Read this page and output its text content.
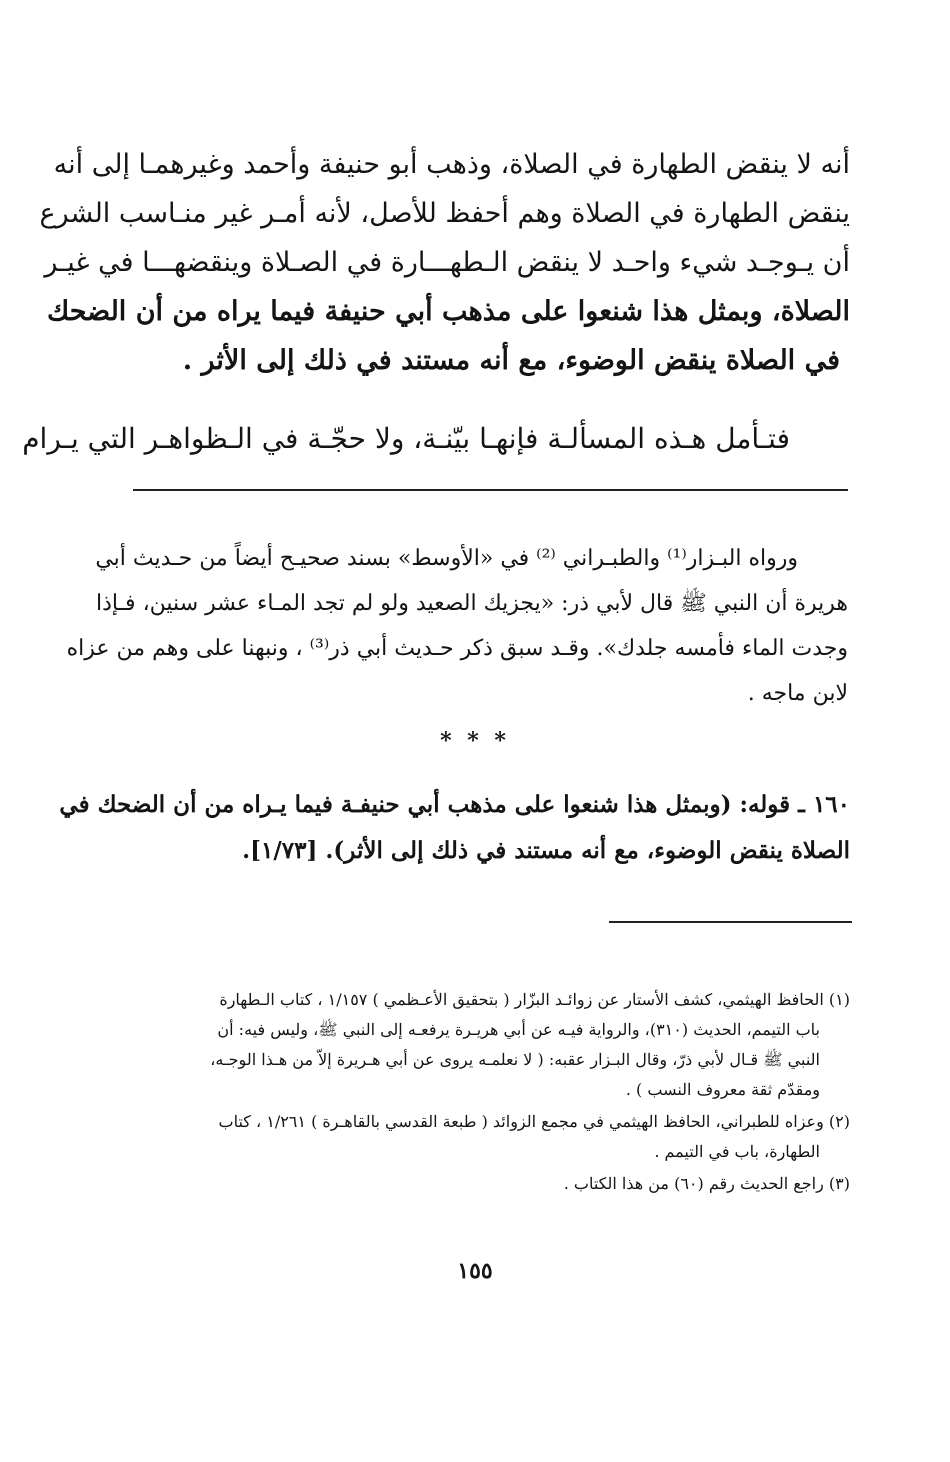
أنه لا ينقض الطهارة في الصلاة، وذهب أبو حنيفة وأحمد وغيرهمـا إلى أنه
ينقض الطهارة في الصلاة وهم أحفظ للأصل، لأنه أمـر غير منـاسب الشرع
أن يـوجـد شيء واحـد لا ينقض الـطهـــارة في الصـلاة وينقضهـــا في غيـر
الصلاة، وبمثل هذا شنعوا على مذهب أبي حنيفة فيما يراه من أن الضحك
في الصلاة ينقض الوضوء، مع أنه مستند في ذلك إلى الأثر .
فتـأمل هـذه المسألـة فإنهـا بيّنـة، ولا حجّـة في الـظواهـر التي يـرام
ورواه البـزار⁽¹⁾ والطبـراني ⁽²⁾ في «الأوسط» بسند صحيـح أيضاً من حـديث أبي
هريرة أن النبي ﷺ قال لأبي ذر: «يجزيك الصعيد ولو لم تجد المـاء عشر سنين، فـإذا
وجدت الماء فأمسه جلدك». وقـد سبق ذكر حـديث أبي ذر⁽³⁾ ، ونبهنا على وهم من عزاه
لابن ماجه .
* * *
١٦٠ ـ قوله: (وبمثل هذا شنعوا على مذهب أبي حنيفـة فيما يـراه من أن الضحك في
الصلاة ينقض الوضوء، مع أنه مستند في ذلك إلى الأثر). [١/٧٣].
(١) الحافظ الهيثمي، كشف الأستار عن زوائـد البزّار ( بتحقيق الأعـظمي ) ١/١٥٧ ، كتاب الـطهارة
باب التيمم، الحديث (٣١٠)، والرواية فيـه عن أبي هريـرة يرفعـه إلى النبي ﷺ، وليس فيه: أن
النبي ﷺ قـال لأبي ذرّ، وقال البـزار عقبه: ( لا نعلمـه يروى عن أبي هـريرة إلاّ من هـذا الوجـه،
ومقدّم ثقة معروف النسب ) .
(٢) وعزاه للطبراني، الحافظ الهيثمي في مجمع الزوائد ( طبعة القدسي بالقاهـرة ) ١/٢٦١ ، كتاب
الطهارة، باب في التيمم .
(٣) راجع الحديث رقم (٦٠) من هذا الكتاب .
١٥٥
